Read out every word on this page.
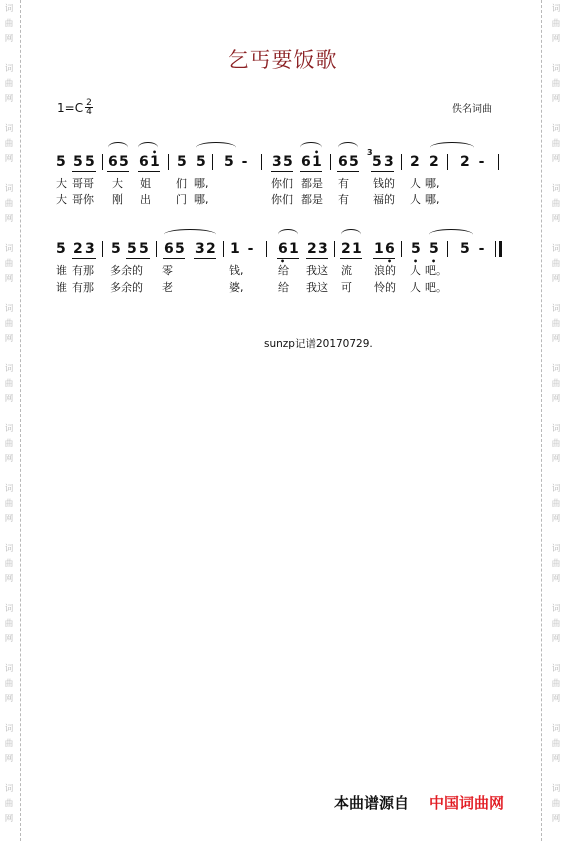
词
曲
网
词
曲
网
词
曲
网
词
曲
网
词
曲
网
词
曲
网
词
曲
网
词
曲
网
词
曲
网
词
曲
网
词
曲
网
词
曲
网
词
曲
网
词
曲
网
词
曲
网
词
曲
网
词
曲
网
词
曲
网
词
曲
网
词
曲
网
词
曲
网
词
曲
网
词
曲
网
词
曲
网
词
曲
网
词
曲
网
词
曲
网
词
曲
网
乞丐要饭歌
$1=C \frac{2}{4}$	佚名词曲
5 5 5 6 5 6 • 1 5 5 5 - 3 5 6 • 1 6 5
3
5 3 2 2 2 -
大 哥哥 大 姐 们 哪,	你们 都是 有 钱的 人 哪,
大 哥你 刚 出 门 哪,	你们 都是 有 福的 人 哪,
5 2 3 5 5 5 6 5 3 2 1 - 6 • 1 2 3 2 1 1 6 • 5 • 5 • 5 -
谁 有那 多余的 零	钱,	给 我这 流 浪的 人 吧。
谁 有那 多余的 老	婆,	给 我这 可 怜的 人 吧。
sunzp记谱20170729.
本曲谱源自 中国词曲网
